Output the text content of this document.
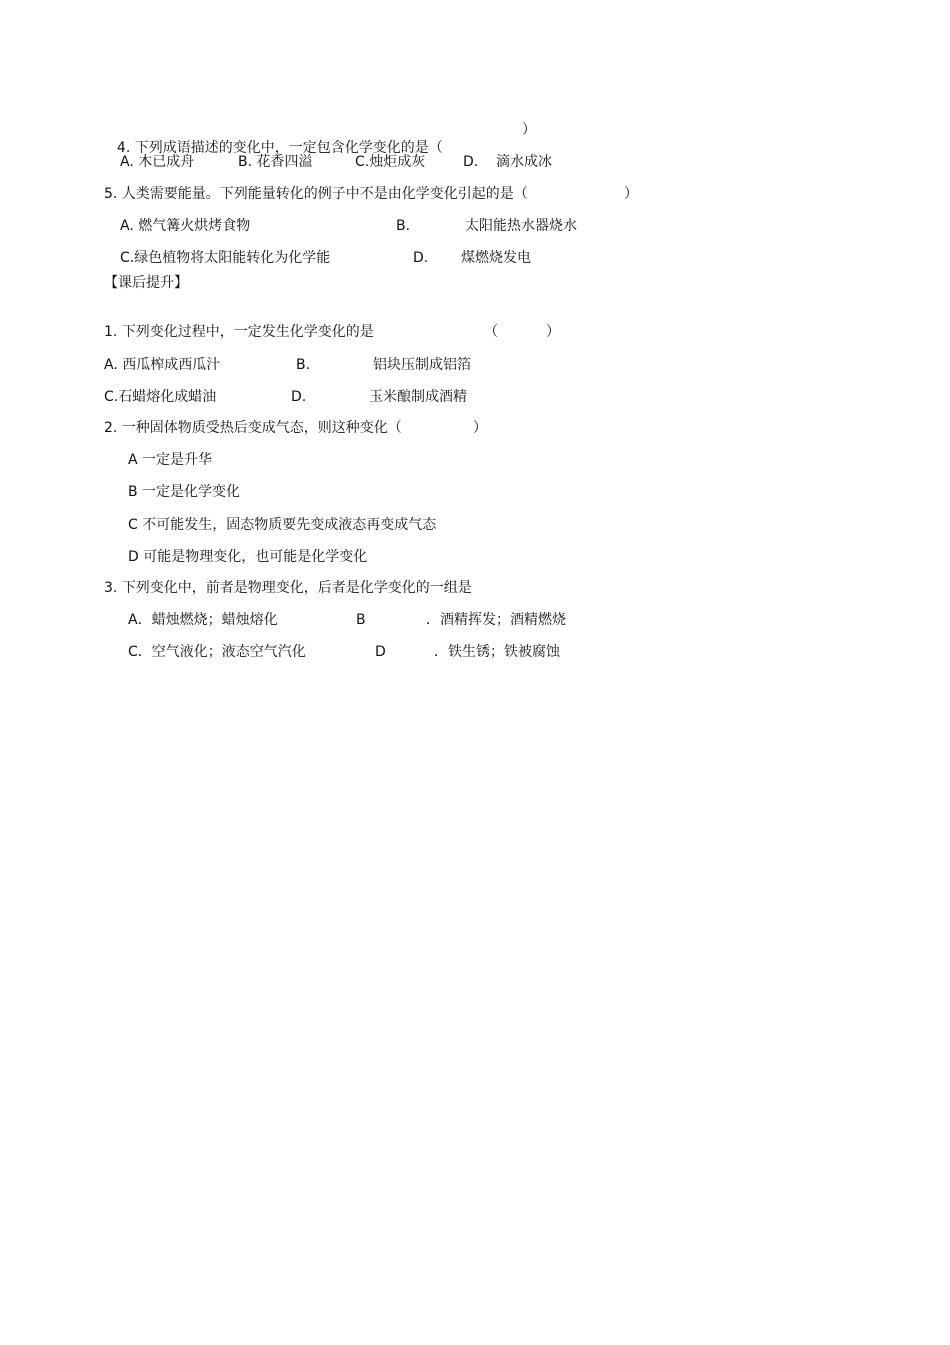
4. 下列成语描述的变化中，一定包含化学变化的是（

）
A. 木已成舟	B. 花香四溢	C.烛炬成灰	D. 滴水成冰
5. 人类需要能量。下列能量转化的例子中不是由化学变化引起的是（	）
A. 燃气篝火烘烤食物	B.	太阳能热水器烧水
C.绿色植物将太阳能转化为化学能	D. 煤燃烧发电
【课后提升】
1. 下列变化过程中，一定发生化学变化的是	（	）
A. 西瓜榨成西瓜汁	B.	铝块压制成铝箔
C.石蜡熔化成蜡油	D.	玉米酿制成酒精
2. 一种固体物质受热后变成气态，则这种变化（	）
A 一定是升华
B 一定是化学变化
C 不可能发生，固态物质要先变成液态再变成气态
D 可能是物理变化，也可能是化学变化
3. 下列变化中，前者是物理变化，后者是化学变化的一组是
A．蜡烛燃烧；蜡烛熔化	B	．酒精挥发；酒精燃烧
C．空气液化；液态空气汽化	D	．铁生锈；铁被腐蚀
